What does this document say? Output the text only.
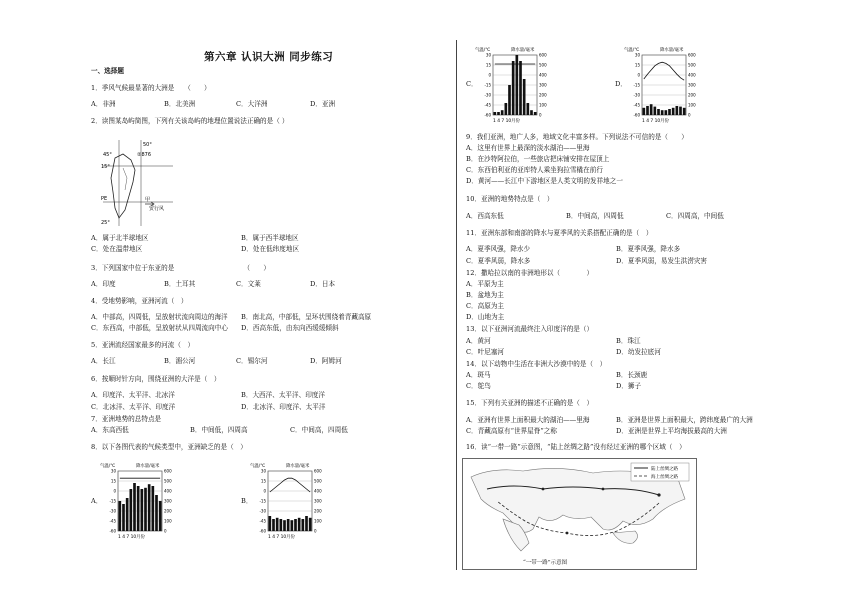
第六章 认识大洲 同步练习
一、选择题
1．季风气候最显著的大洲是　　（　　）
A．非洲	B．北美洲	C．大洋洲	D．亚洲
2．读图某岛屿简图，下列有关该岛屿的地理位置说法正确的是（ ）
50°
②876
45°
15°
甲
PE
25°
贸行风
A．属于北半球地区	B．属于西半球地区
C．处在温带地区	D．处在低纬度地区
3．下列国家中位于东亚的是　　　　　　　　　　　（　　）
A．印度	B．土耳其	C．文莱	D．日本
4．受地势影响，亚洲河流（　）
A．中部高，四周低，呈放射状流向周边的海洋 B．南北高，中部低，呈环状围绕着青藏高原
C．东西高，中部低，呈放射状从四周流向中心 D．西高东低，由东向西缓缓倾斜
5．亚洲流经国家最多的河流（　）
A．长江	B．湄公河	C．锡尔河	D．阿姆河
6．按顺时针方向，围绕亚洲的大洋是（　）
A．印度洋、太平洋、北冰洋	B．大西洋、太平洋、印度洋
C．北冰洋、太平洋、印度洋	D．北冰洋、印度洋、太平洋
7．亚洲地势的总特点是
A．东高西低	B．中间低，四周高	C．中间高，四周低
8．以下各图代表的气候类型中，亚洲缺乏的是（　）
A．
气温/℃	降水量/毫米
30	600
15	500
0	400
-15	300
-30	200
-45	100
-60	0
1 4 7 10月份
B．
气温/℃	降水量/毫米
30	600
15	500
0	400
-15	300
-30	200
-45	100
-60	0
1 4 7 10月份
C．
气温/℃	降水量/毫米
30	600
15	500
0	400
-15	300
-30	200
-45	100
-60	0
1 4 7 10月份
D．
气温/℃	降水量/毫米
30	600
15	500
0	400
-15	300
-30	200
-45	100
-60	0
1 4 7 10月份
9．我们亚洲，地广人多，地域文化丰富多样。下列说法不可信的是（　　）
A．这里有世界上最深的淡水湖泊——里海
B．在沙特阿拉伯，一些旅店把床铺安排在屋顶上
C．东西伯利亚的亚库特人乘坐狗拉雪橇在前行
D．黄河——长江中下游地区是人类文明的发祥地之一
10．亚洲的地势特点是（　）
A．西高东低	B．中间高，四周低	C．四周高，中间低
11．亚洲东部和南部的降水与夏季风的关系搭配正确的是（　）
A．夏季风强，降水少	B．夏季风强，降水多
C．夏季风弱，降水多	D．夏季风弱，易发生洪涝灾害
12．撒哈拉以南的非洲地形以（　　　　）
A．平原为主
B．盆地为主
C．高原为主
D．山地为主
13．以下亚洲河流最终注入印度洋的是（）
A．黄河	B．珠江
C．叶尼塞河	D．幼发拉底河
14．以下动物中生活在非洲大沙漠中的是（　）
A．斑马	B．长颈鹿
C．鸵鸟	D．狮子
15．下列有关亚洲的描述不正确的是（　）
A．亚洲有世界上面积最大的湖泊——里海	B．亚洲是世界上面积最大，跨纬度最广的大洲
C．青藏高原有“世界屋脊”之称	D．亚洲是世界上平均海拔最高的大洲
16．读“一带一路”示意图，“陆上丝绸之路”没有经过亚洲的哪个区域（　）
陆上丝绸之路
海上丝绸之路
“一带一路”示意图
